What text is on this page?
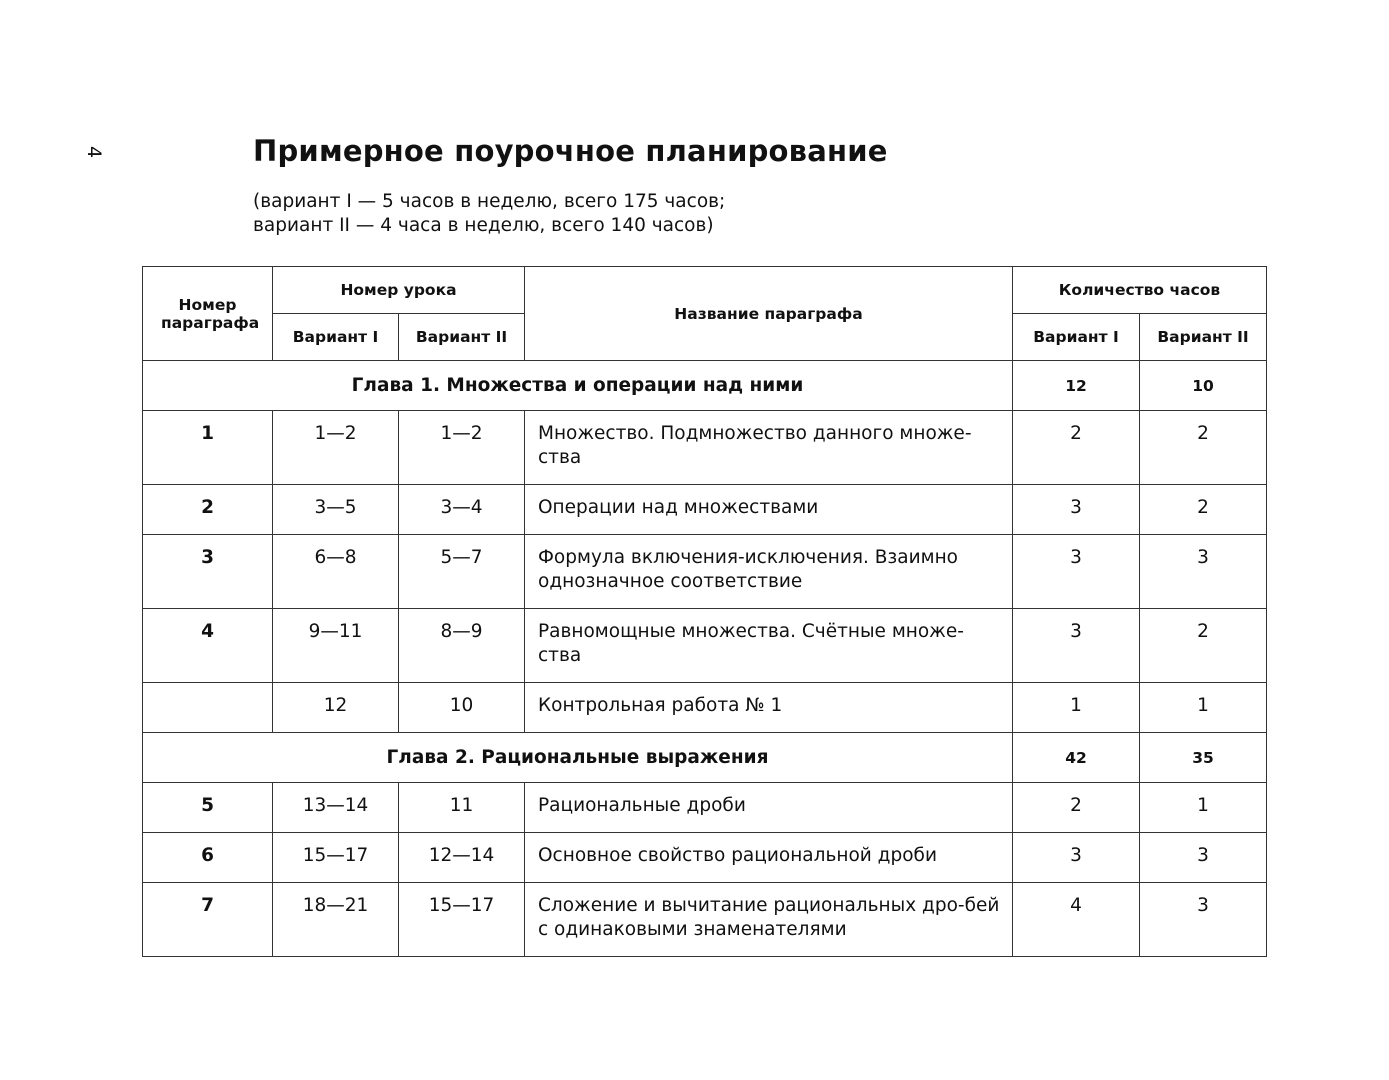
4	Примерное поурочное планирование
(вариант I — 5 часов в неделю, всего 175 часов;
вариант II — 4 часа в неделю, всего 140 часов)
Номер параграфа	Номер урока		Название параграфа	Количество часов	
	Вариант I	Вариант II		Вариант I	Вариант II
Глава 1. Множества и операции над ними				12	10
1	1—2	1—2	Множество. Подмножество данного множе-ства	2	2
2	3—5	3—4	Операции над множествами	3	2
3	6—8	5—7	Формула включения-исключения. Взаимно однозначное соответствие	3	3
4	9—11	8—9	Равномощные множества. Счётные множе-ства	3	2
	12	10	Контрольная работа № 1	1	1
Глава 2. Рациональные выражения				42	35
5	13—14	11	Рациональные дроби	2	1
6	15—17	12—14	Основное свойство рациональной дроби	3	3
7	18—21	15—17	Сложение и вычитание рациональных дро-бей с одинаковыми знаменателями	4	3
